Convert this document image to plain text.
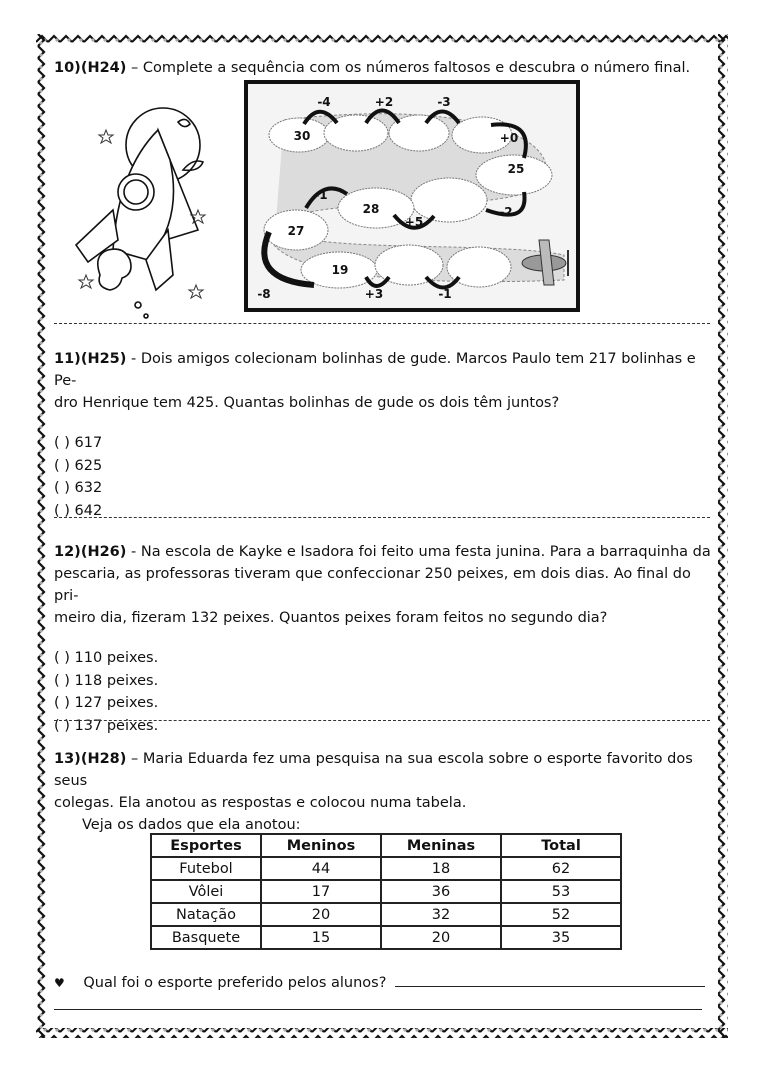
10)(H24) – Complete a sequência com os números faltosos e descubra o número final.
30
25
28
27
19
-4	+2	-3
+0
-2
+5
-1
-8	+3	-1
11)(H25) - Dois amigos colecionam bolinhas de gude. Marcos Paulo tem 217 bolinhas e Pe-
dro Henrique tem 425. Quantas bolinhas de gude os dois têm juntos?
( ) 617
( ) 625
( ) 632
( ) 642
12)(H26) - Na escola de Kayke e Isadora foi feito uma festa junina. Para a barraquinha da
pescaria, as professoras tiveram que confeccionar 250 peixes, em dois dias. Ao final do pri-
meiro dia, fizeram 132 peixes. Quantos peixes foram feitos no segundo dia?
( ) 110 peixes.
( ) 118 peixes.
( ) 127 peixes.
( ) 137 peixes.
13)(H28) – Maria Eduarda fez uma pesquisa na sua escola sobre o esporte favorito dos seus
colegas. Ela anotou as respostas e colocou numa tabela.
Veja os dados que ela anotou:
Esportes	Meninos	Meninas	Total
Futebol	44	18	62
Vôlei	17	36	53
Natação	20	32	52
Basquete	15	20	35
♥ Qual foi o esporte preferido pelos alunos?
